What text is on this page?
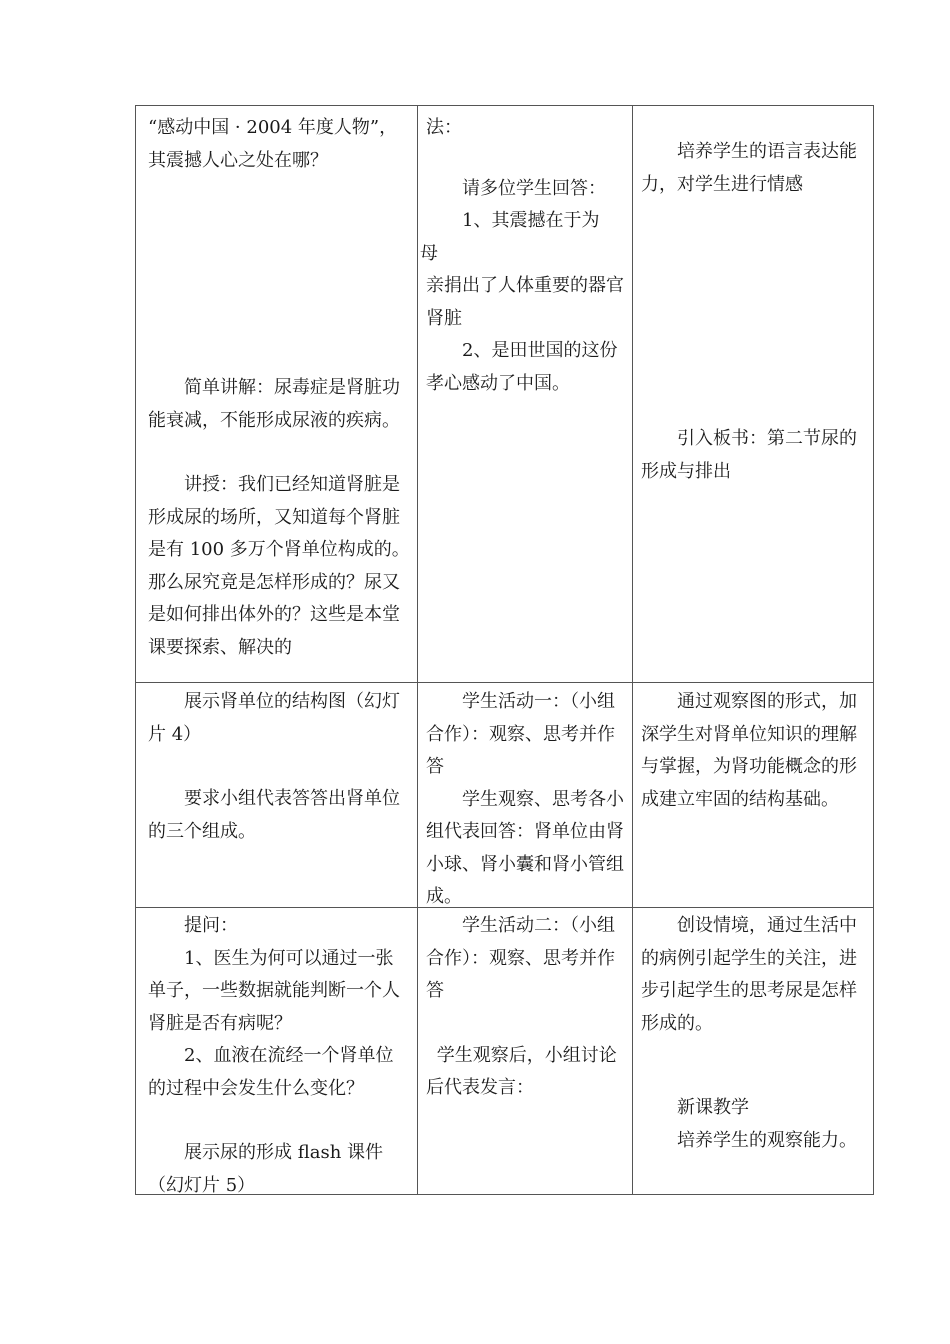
“感动中国 · 2004 年度人物”，

其震撼人心之处在哪？

简单讲解：尿毒症是肾脏功能衰减，不能形成尿液的疾病。

讲授：我们已经知道肾脏是形成尿的场所，又知道每个肾脏是有 100 多万个肾单位构成的。那么尿究竟是怎样形成的？尿又是如何排出体外的？这些是本堂课要探索、解决的

法：

请多位学生回答：

1、其震撼在于为

母

亲捐出了人体重要的器官肾脏

2、是田世国的这份孝心感动了中国。

培养学生的语言表达能力，对学生进行情感

引入板书：第二节尿的形成与排出

展示肾单位的结构图（幻灯片 4）

要求小组代表答答出肾单位的三个组成。

学生活动一：（小组合作）：观察、思考并作答

学生观察、思考各小组代表回答：肾单位由肾小球、肾小囊和肾小管组成。

通过观察图的形式，加深学生对肾单位知识的理解与掌握，为肾功能概念的形成建立牢固的结构基础。

提问：

1、医生为何可以通过一张单子，一些数据就能判断一个人肾脏是否有病呢？

2、血液在流经一个肾单位的过程中会发生什么变化？

展示尿的形成 flash 课件

（幻灯片 5）

学生活动二：（小组合作）：观察、思考并作答

学生观察后，小组讨论后代表发言：

创设情境，通过生活中的病例引起学生的关注，进步引起学生的思考尿是怎样形成的。

新课教学

培养学生的观察能力。
